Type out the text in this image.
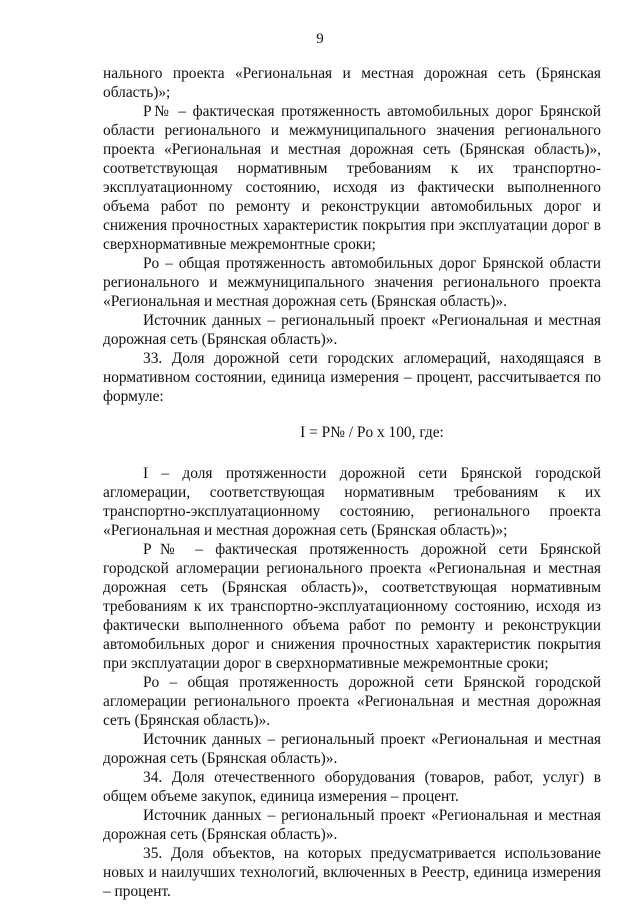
9

нального проекта «Региональная и местная дорожная сеть (Брянская область)»;

P№ – фактическая протяженность автомобильных дорог Брянской области регионального и межмуниципального значения регионального проекта «Региональная и местная дорожная сеть (Брянская область)», соответствующая нормативным требованиям к их транспортно-эксплуатационному состоянию, исходя из фактически выполненного объема работ по ремонту и реконструкции автомобильных дорог и снижения прочностных характеристик покрытия при эксплуатации дорог в сверхнормативные межремонтные сроки;

Pо – общая протяженность автомобильных дорог Брянской области регионального и межмуниципального значения регионального проекта «Региональная и местная дорожная сеть (Брянская область)».

Источник данных – региональный проект «Региональная и местная дорожная сеть (Брянская область)».

33. Доля дорожной сети городских агломераций, находящаяся в нормативном состоянии, единица измерения – процент, рассчитывается по формуле:

I = P№ / Pо х 100, где:

I – доля протяженности дорожной сети Брянской городской агломерации, соответствующая нормативным требованиям к их транспортно-эксплуатационному состоянию, регионального проекта «Региональная и местная дорожная сеть (Брянская область)»;

P№ – фактическая протяженность дорожной сети Брянской городской агломерации регионального проекта «Региональная и местная дорожная сеть (Брянская область)», соответствующая нормативным требованиям к их транспортно-эксплуатационному состоянию, исходя из фактически выполненного объема работ по ремонту и реконструкции автомобильных дорог и снижения прочностных характеристик покрытия при эксплуатации дорог в сверхнормативные межремонтные сроки;

Pо – общая протяженность дорожной сети Брянской городской агломерации регионального проекта «Региональная и местная дорожная сеть (Брянская область)».

Источник данных – региональный проект «Региональная и местная дорожная сеть (Брянская область)».

34. Доля отечественного оборудования (товаров, работ, услуг) в общем объеме закупок, единица измерения – процент.

Источник данных – региональный проект «Региональная и местная дорожная сеть (Брянская область)».

35. Доля объектов, на которых предусматривается использование новых и наилучших технологий, включенных в Реестр, единица измерения – процент.
